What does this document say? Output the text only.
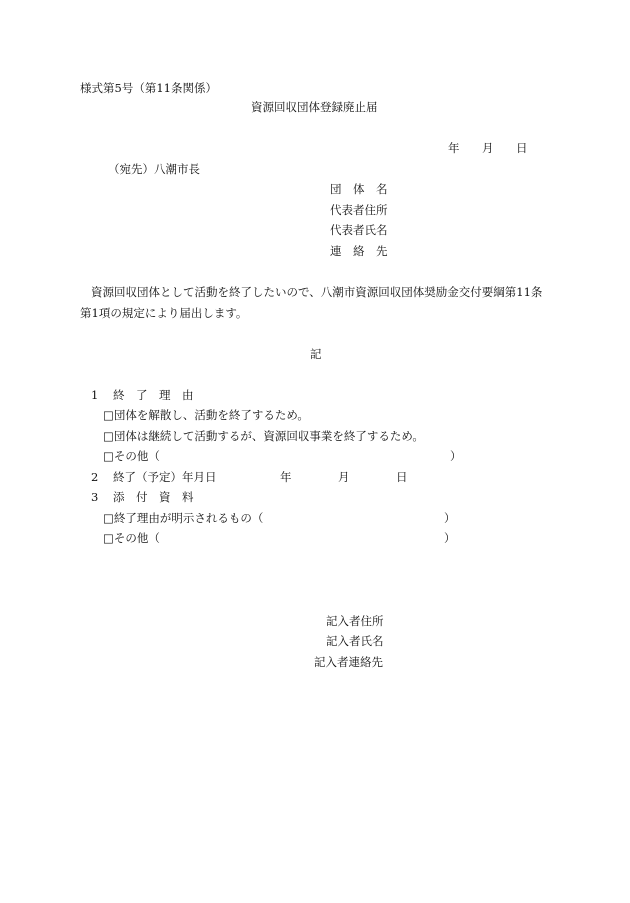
様式第5号（第11条関係）
資源回収団体登録廃止届
年 月 日
（宛先）八潮市長
団　体　名
代表者住所
代表者氏名
連　絡　先
資源回収団体として活動を終了したいので、八潮市資源回収団体奨励金交付要綱第11条
第1項の規定により届出します。
記
1 終　了　理　由
□団体を解散し、活動を終了するため。
□団体は継続して活動するが、資源回収事業を終了するため。
□その他（	）
2 終了（予定）年月日	年	月	日
3 添　付　資　料
□終了理由が明示されるもの（	）
□その他（	）
記入者住所
記入者氏名
記入者連絡先
